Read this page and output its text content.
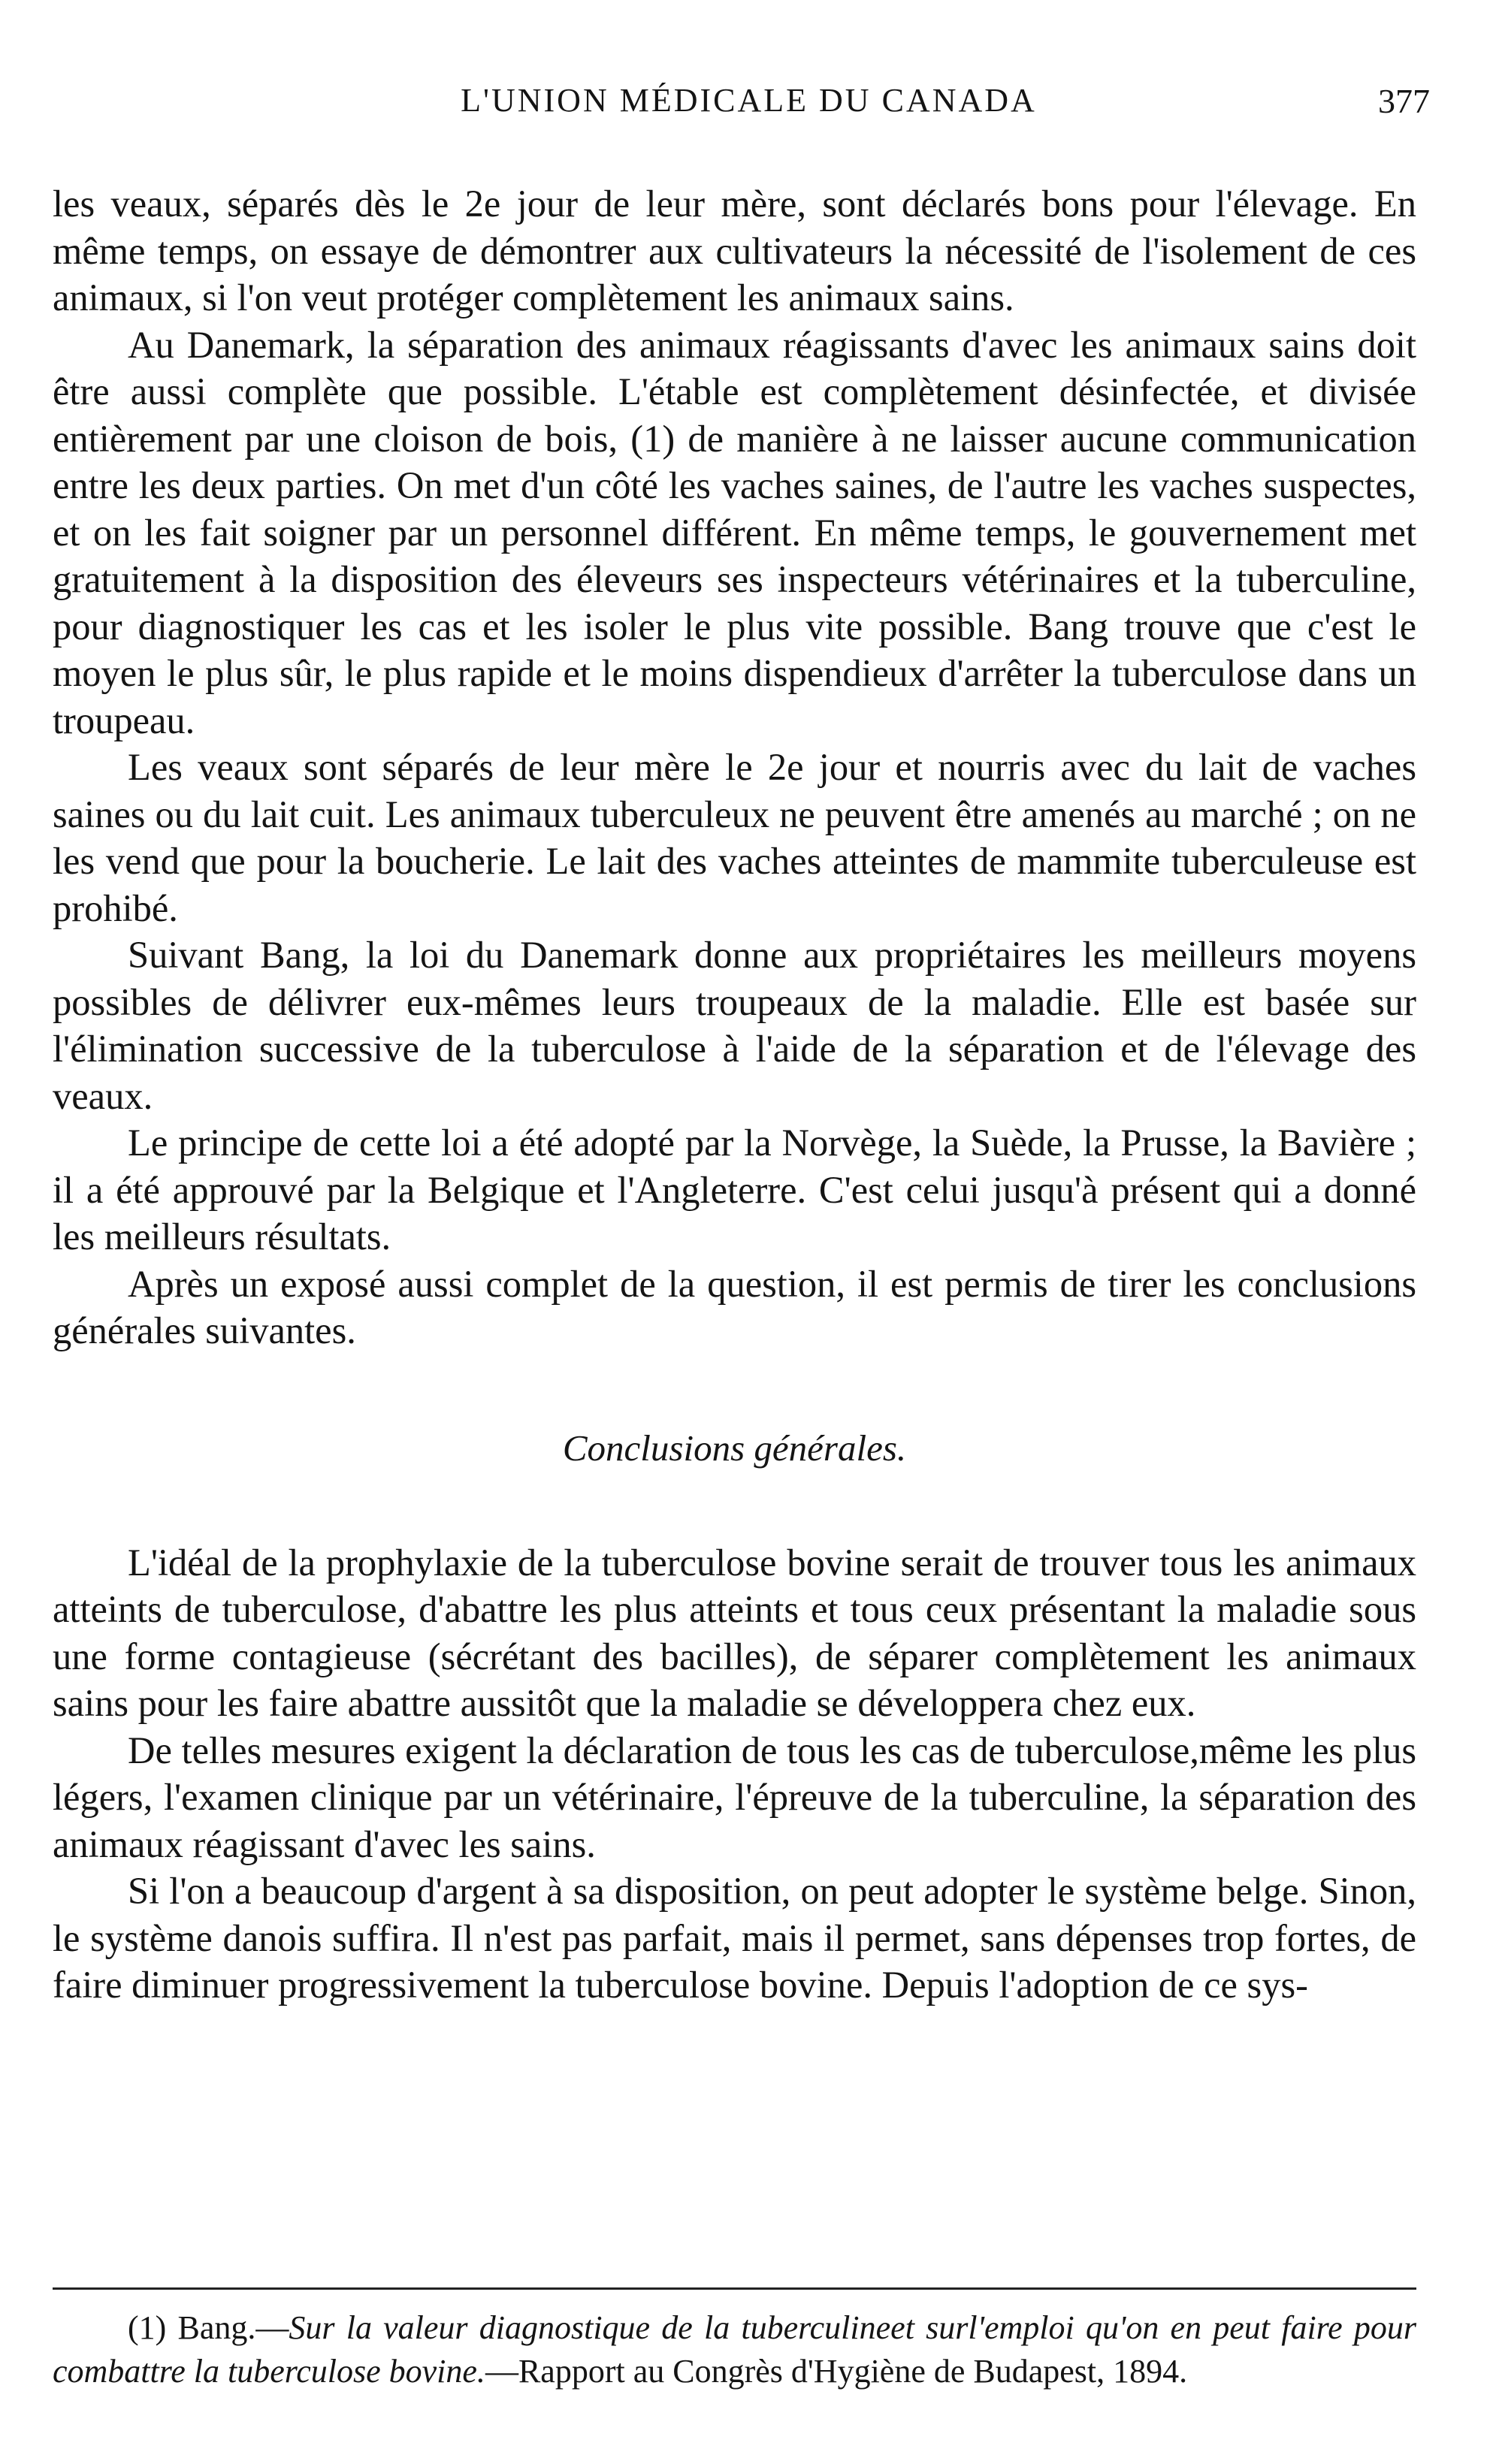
L'UNION MÉDICALE DU CANADA	377

les veaux, séparés dès le 2e jour de leur mère, sont déclarés bons pour l'élevage. En même temps, on essaye de démontrer aux cultivateurs la nécessité de l'isolement de ces animaux, si l'on veut protéger complètement les animaux sains.

Au Danemark, la séparation des animaux réagissants d'avec les animaux sains doit être aussi complète que possible. L'étable est complètement désinfectée, et divisée entièrement par une cloison de bois, (1) de manière à ne laisser aucune communication entre les deux parties. On met d'un côté les vaches saines, de l'autre les vaches suspectes, et on les fait soigner par un personnel différent. En même temps, le gouvernement met gratuitement à la disposition des éleveurs ses inspecteurs vétérinaires et la tuberculine, pour diagnostiquer les cas et les isoler le plus vite possible. Bang trouve que c'est le moyen le plus sûr, le plus rapide et le moins dispendieux d'arrêter la tuberculose dans un troupeau.

Les veaux sont séparés de leur mère le 2e jour et nourris avec du lait de vaches saines ou du lait cuit. Les animaux tuberculeux ne peuvent être amenés au marché ; on ne les vend que pour la boucherie. Le lait des vaches atteintes de mammite tuberculeuse est prohibé.

Suivant Bang, la loi du Danemark donne aux propriétaires les meilleurs moyens possibles de délivrer eux-mêmes leurs troupeaux de la maladie. Elle est basée sur l'élimination successive de la tuberculose à l'aide de la séparation et de l'élevage des veaux.

Le principe de cette loi a été adopté par la Norvège, la Suède, la Prusse, la Bavière ; il a été approuvé par la Belgique et l'Angleterre. C'est celui jusqu'à présent qui a donné les meilleurs résultats.

Après un exposé aussi complet de la question, il est permis de tirer les conclusions générales suivantes.

Conclusions générales.

L'idéal de la prophylaxie de la tuberculose bovine serait de trouver tous les animaux atteints de tuberculose, d'abattre les plus atteints et tous ceux présentant la maladie sous une forme contagieuse (sécrétant des bacilles), de séparer complètement les animaux sains pour les faire abattre aussitôt que la maladie se développera chez eux.

De telles mesures exigent la déclaration de tous les cas de tuberculose,même les plus légers, l'examen clinique par un vétérinaire, l'épreuve de la tuberculine, la séparation des animaux réagissant d'avec les sains.

Si l'on a beaucoup d'argent à sa disposition, on peut adopter le système belge. Sinon, le système danois suffira. Il n'est pas parfait, mais il permet, sans dépenses trop fortes, de faire diminuer progressivement la tuberculose bovine. Depuis l'adoption de ce sys-

(1) Bang.—Sur la valeur diagnostique de la tuberculineet surl'emploi qu'on en peut faire pour combattre la tuberculose bovine.—Rapport au Congrès d'Hygiène de Budapest, 1894.
